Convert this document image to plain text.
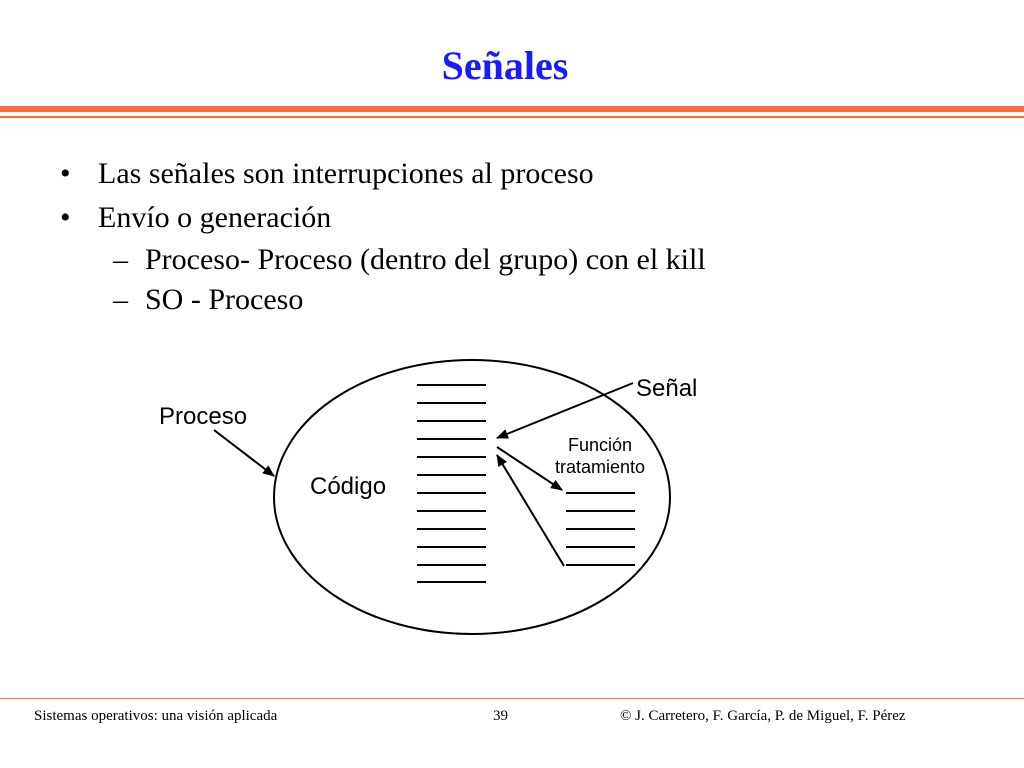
Señales
• Las señales son interrupciones al proceso
• Envío o generación
– Proceso- Proceso (dentro del grupo) con el kill
– SO - Proceso
Proceso
Código
Señal
Función
tratamiento
Sistemas operativos: una visión aplicada	39	© J. Carretero, F. García, P. de Miguel, F. Pérez
